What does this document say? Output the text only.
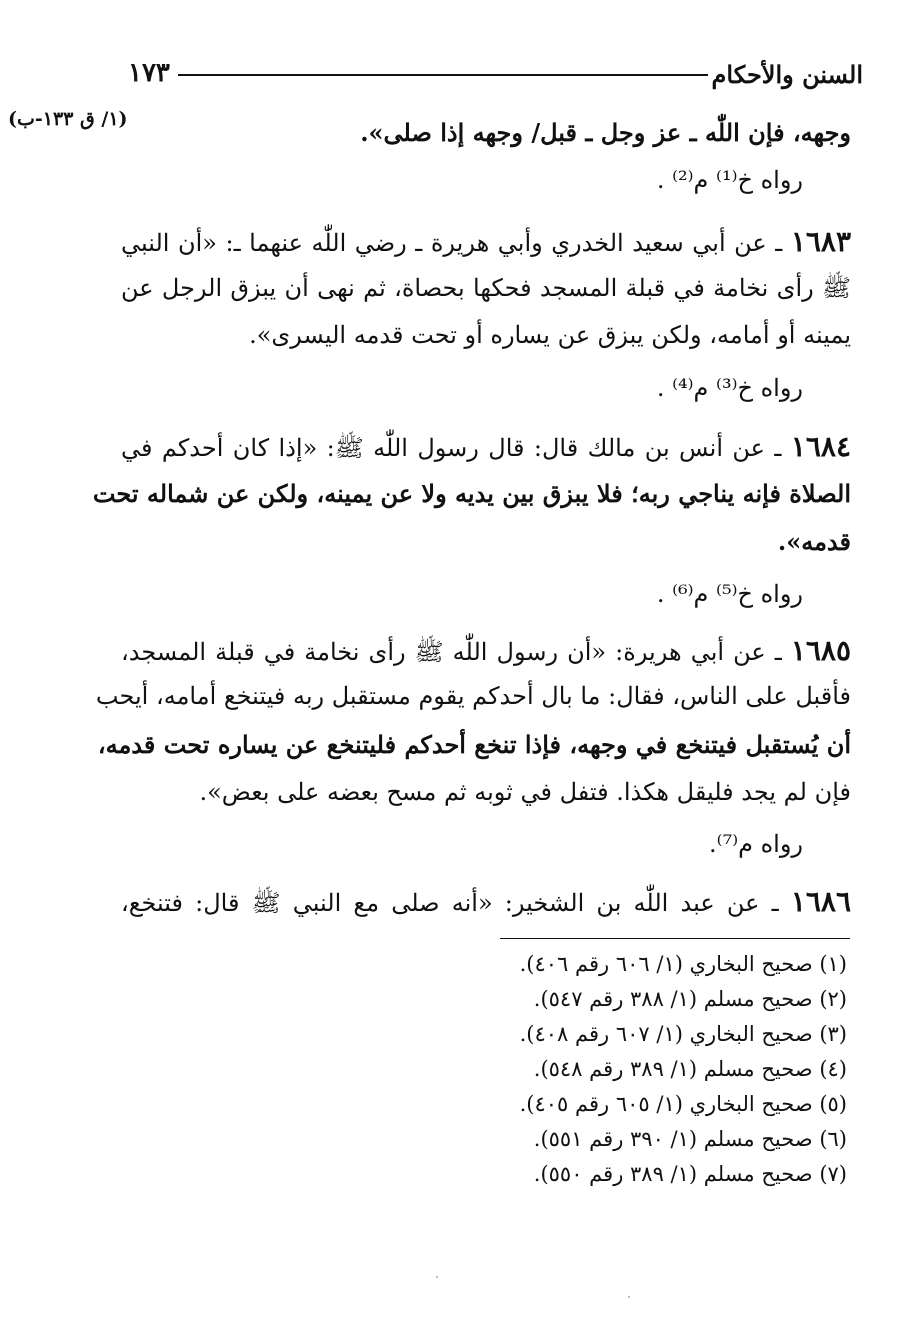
١٧٣	السنن والأحكام
(١/ ق ١٣٣-ب)	وجهه، فإن اللّٰه ـ عز وجل ـ قبل/ وجهه إذا صلى».
رواه خ⁽¹⁾ م⁽²⁾ .
١٦٨٣ ـ عن أبي سعيد الخدري وأبي هريرة ـ رضي اللّٰه عنهما ـ: «أن النبي
ﷺ رأى نخامة في قبلة المسجد فحكها بحصاة، ثم نهى أن يبزق الرجل عن
يمينه أو أمامه، ولكن يبزق عن يساره أو تحت قدمه اليسرى».
رواه خ⁽³⁾ م⁽⁴⁾ .
١٦٨٤ ـ عن أنس بن مالك قال: قال رسول اللّٰه ﷺ: «إذا كان أحدكم في
الصلاة فإنه يناجي ربه؛ فلا يبزق بين يديه ولا عن يمينه، ولكن عن شماله تحت
قدمه».
رواه خ⁽⁵⁾ م⁽⁶⁾ .
١٦٨٥ ـ عن أبي هريرة: «أن رسول اللّٰه ﷺ رأى نخامة في قبلة المسجد،
فأقبل على الناس، فقال: ما بال أحدكم يقوم مستقبل ربه فيتنخع أمامه، أيحب
أن يُستقبل فيتنخع في وجهه، فإذا تنخع أحدكم فليتنخع عن يساره تحت قدمه،
فإن لم يجد فليقل هكذا. فتفل في ثوبه ثم مسح بعضه على بعض».
رواه م⁽⁷⁾.
١٦٨٦ ـ عن عبد اللّٰه بن الشخير: «أنه صلى مع النبي ﷺ قال: فتنخع،
(١) صحيح البخاري (١/ ٦٠٦ رقم ٤٠٦).
(٢) صحيح مسلم (١/ ٣٨٨ رقم ٥٤٧).
(٣) صحيح البخاري (١/ ٦٠٧ رقم ٤٠٨).
(٤) صحيح مسلم (١/ ٣٨٩ رقم ٥٤٨).
(٥) صحيح البخاري (١/ ٦٠٥ رقم ٤٠٥).
(٦) صحيح مسلم (١/ ٣٩٠ رقم ٥٥١).
(٧) صحيح مسلم (١/ ٣٨٩ رقم ٥٥٠).
